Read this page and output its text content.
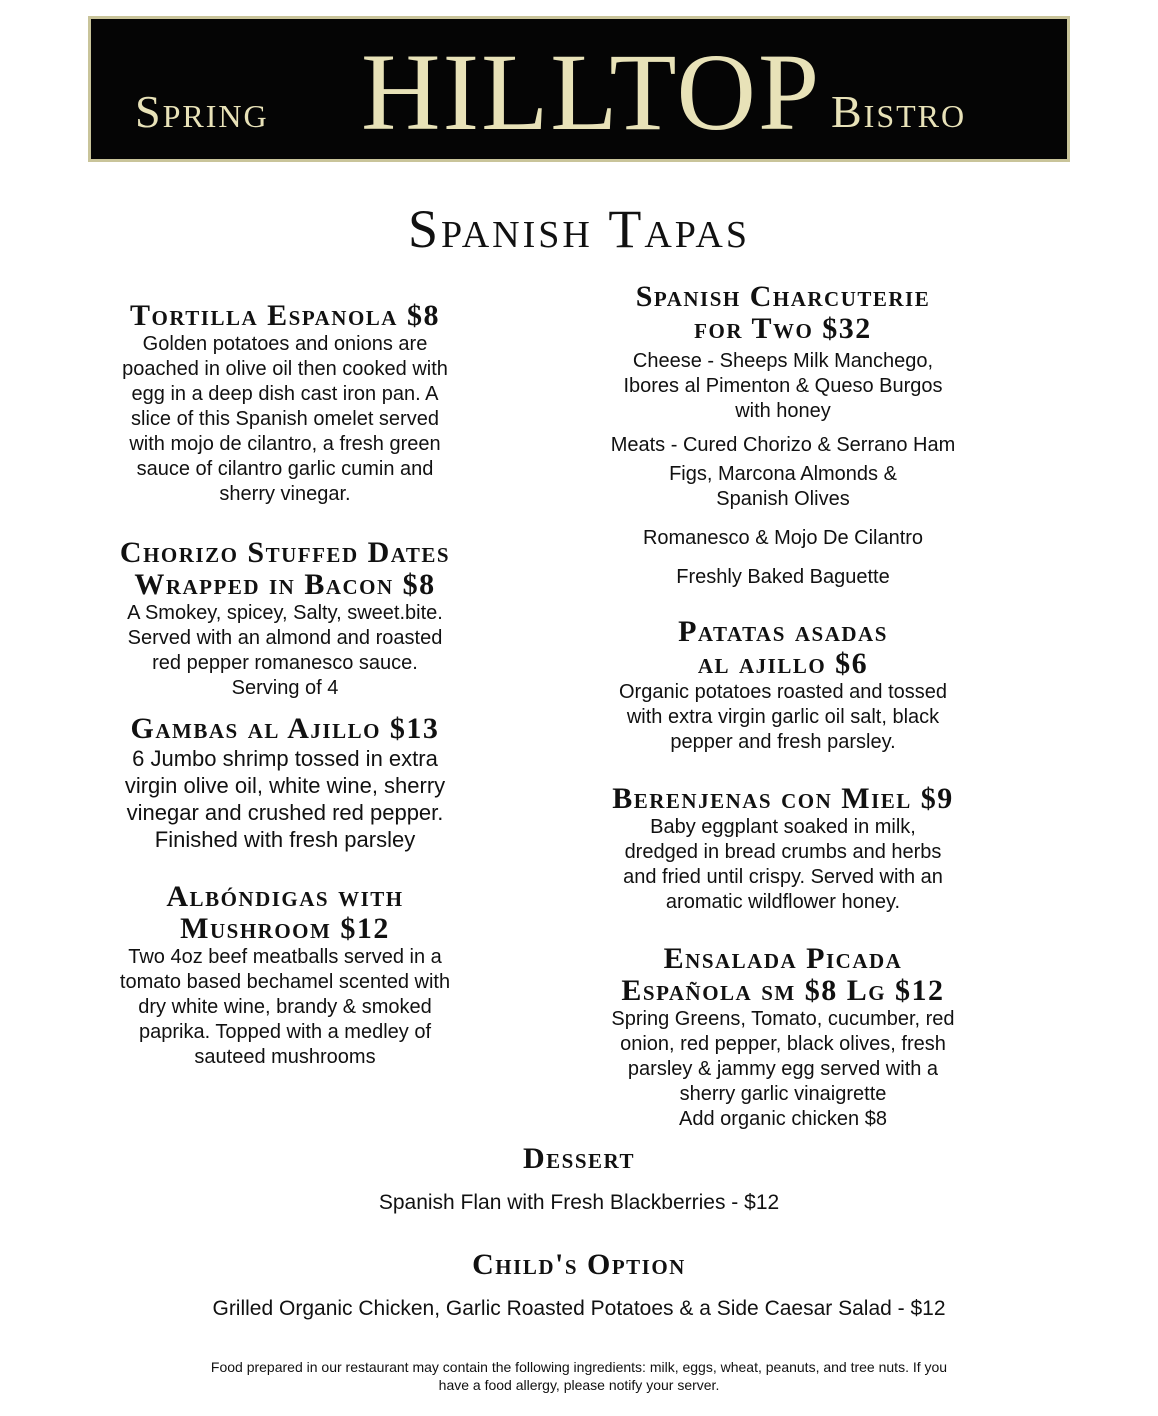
Spring HILLTOP Bistro
Spanish Tapas
Tortilla Espanola $8

Golden potatoes and onions are

poached in olive oil then cooked with

egg in a deep dish cast iron pan. A

slice of this Spanish omelet served

with mojo de cilantro, a fresh green

sauce of cilantro garlic cumin and

sherry vinegar.

Chorizo Stuffed Dates
Wrapped in Bacon $8

A Smokey, spicey, Salty, sweet.bite.

Served with an almond and roasted

red pepper romanesco sauce.

Serving of 4

Gambas al Ajillo $13

6 Jumbo shrimp tossed in extra

virgin olive oil, white wine, sherry

vinegar and crushed red pepper.

Finished with fresh parsley

Albóndigas with
Mushroom $12

Two 4oz beef meatballs served in a

tomato based bechamel scented with

dry white wine, brandy & smoked

paprika. Topped with a medley of

sauteed mushrooms

Spanish Charcuterie
for Two $32

Cheese - Sheeps Milk Manchego,

Ibores al Pimenton & Queso Burgos

with honey

Meats - Cured Chorizo & Serrano Ham

Figs, Marcona Almonds &

Spanish Olives

Romanesco & Mojo De Cilantro

Freshly Baked Baguette

Patatas asadas
al ajillo $6

Organic potatoes roasted and tossed

with extra virgin garlic oil salt, black

pepper and fresh parsley.

Berenjenas con Miel $9

Baby eggplant soaked in milk,

dredged in bread crumbs and herbs

and fried until crispy. Served with an

aromatic wildflower honey.

Ensalada Picada
Española sm $8 Lg $12

Spring Greens, Tomato, cucumber, red

onion, red pepper, black olives, fresh

parsley & jammy egg served with a

sherry garlic vinaigrette

Add organic chicken $8

Dessert
Spanish Flan with Fresh Blackberries - $12
Child's Option
Grilled Organic Chicken, Garlic Roasted Potatoes & a Side Caesar Salad - $12
Food prepared in our restaurant may contain the following ingredients: milk, eggs, wheat, peanuts, and tree nuts. If you
have a food allergy, please notify your server.
